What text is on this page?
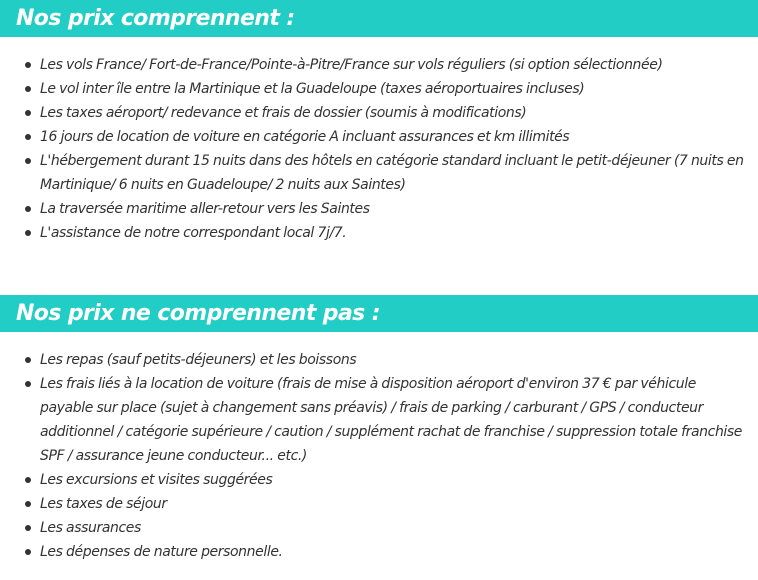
Nos prix comprennent :
Les vols France/ Fort-de-France/Pointe-à-Pitre/France sur vols réguliers (si option sélectionnée)
Le vol inter île entre la Martinique et la Guadeloupe (taxes aéroportuaires incluses)
Les taxes aéroport/ redevance et frais de dossier (soumis à modifications)
16 jours de location de voiture en catégorie A incluant assurances et km illimités
L'hébergement durant 15 nuits dans des hôtels en catégorie standard incluant le petit-déjeuner (7 nuits en Martinique/ 6 nuits en Guadeloupe/ 2 nuits aux Saintes)
La traversée maritime aller-retour vers les Saintes
L'assistance de notre correspondant local 7j/7.
Nos prix ne comprennent pas :
Les repas (sauf petits-déjeuners) et les boissons
Les frais liés à la location de voiture (frais de mise à disposition aéroport d'environ 37 € par véhicule payable sur place (sujet à changement sans préavis) / frais de parking / carburant / GPS / conducteur additionnel / catégorie supérieure / caution / supplément rachat de franchise / suppression totale franchise SPF / assurance jeune conducteur... etc.)
Les excursions et visites suggérées
Les taxes de séjour
Les assurances
Les dépenses de nature personnelle.
